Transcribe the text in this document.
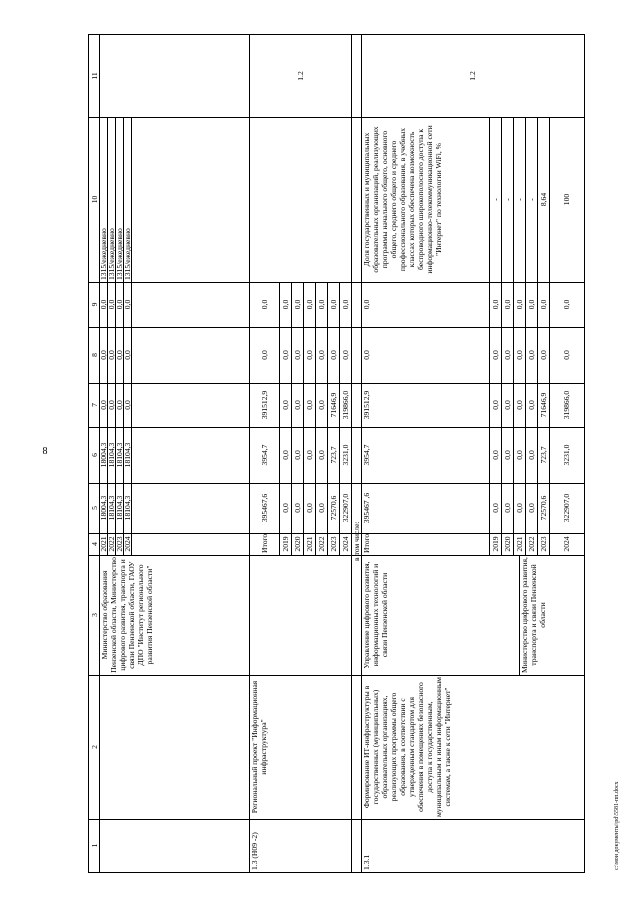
8
c:\мои документы\pd\5581-пп.docx
11
10
9
8
7
6
5
4
3
2
1
2021
18004,3
18004,3
0,0
0,0
0,0
1315/ежедневно
2022
18104,3
18104,3
0,0
0,0
0,0
1315/ежедневно
2023
18104,3
18104,3
0,0
0,0
0,0
1315/ежедневно
2024
18104,3
18104,3
0,0
0,0
0,0
1315/ежедневно
Министерство образования Пензенской области, Министерство цифрового развития, транспорта и связи Пензенской области, ГАОУ ДПО "Институт регионального развития Пензенской области"
1.3 (Н09 -2)
Региональный проект "Информационная инфраструктура"
1.2
Итого
395467,6
3954,7
391512,9
0,0
0,0
2019
0,0
0,0
0,0
0,0
0,0
2020
0,0
0,0
0,0
0,0
0,0
2021
0,0
0,0
0,0
0,0
0,0
2022
0,0
0,0
0,0
0,0
0,0
2023
72570,6
723,7
71646,9
0,0
0,0
2024
322907,0
3231,0
319866,0
0,0
0,0
в том числе:
1.3.1
Формирование ИТ-инфраструктуры в государственных (муниципальных) образовательных организациях, реализующих программы общего образования, в соответствии с утвержденным стандартом для обеспечения в помещениях безопасного доступа к государственным, муниципальным и иным информационным системам, а также к сети "Интернет"
Управление цифрового развития, информационных технологий и связи Пензенской области	Министерство цифрового развития, транспорта и связи Пензенской области
Доля государственных и муниципальных образовательных организаций, реализующих программы начального общего, основного общего, среднего общего и среднего профессионального образования, в учебных классах которых обеспечена возможность беспроводного широкополосного доступа к информационно-телекоммуникационной сети "Интернет" по технологии WiFi, %
1.2
Итого
395467 ,6
3954,7
391512,9
0,0
0,0
2019
0,0
0,0
0,0
0,0
0,0
-
2020
0,0
0,0
0,0
0,0
0,0
-
2021
0,0
0,0
0,0
0,0
0,0
-
2022
0,0
0,0
0,0
0,0
0,0
-
2023
72570,6
723,7
71646,9
0,0
0,0
8,64
2024
322907,0
3231,0
319866,0
0,0
0,0
100
